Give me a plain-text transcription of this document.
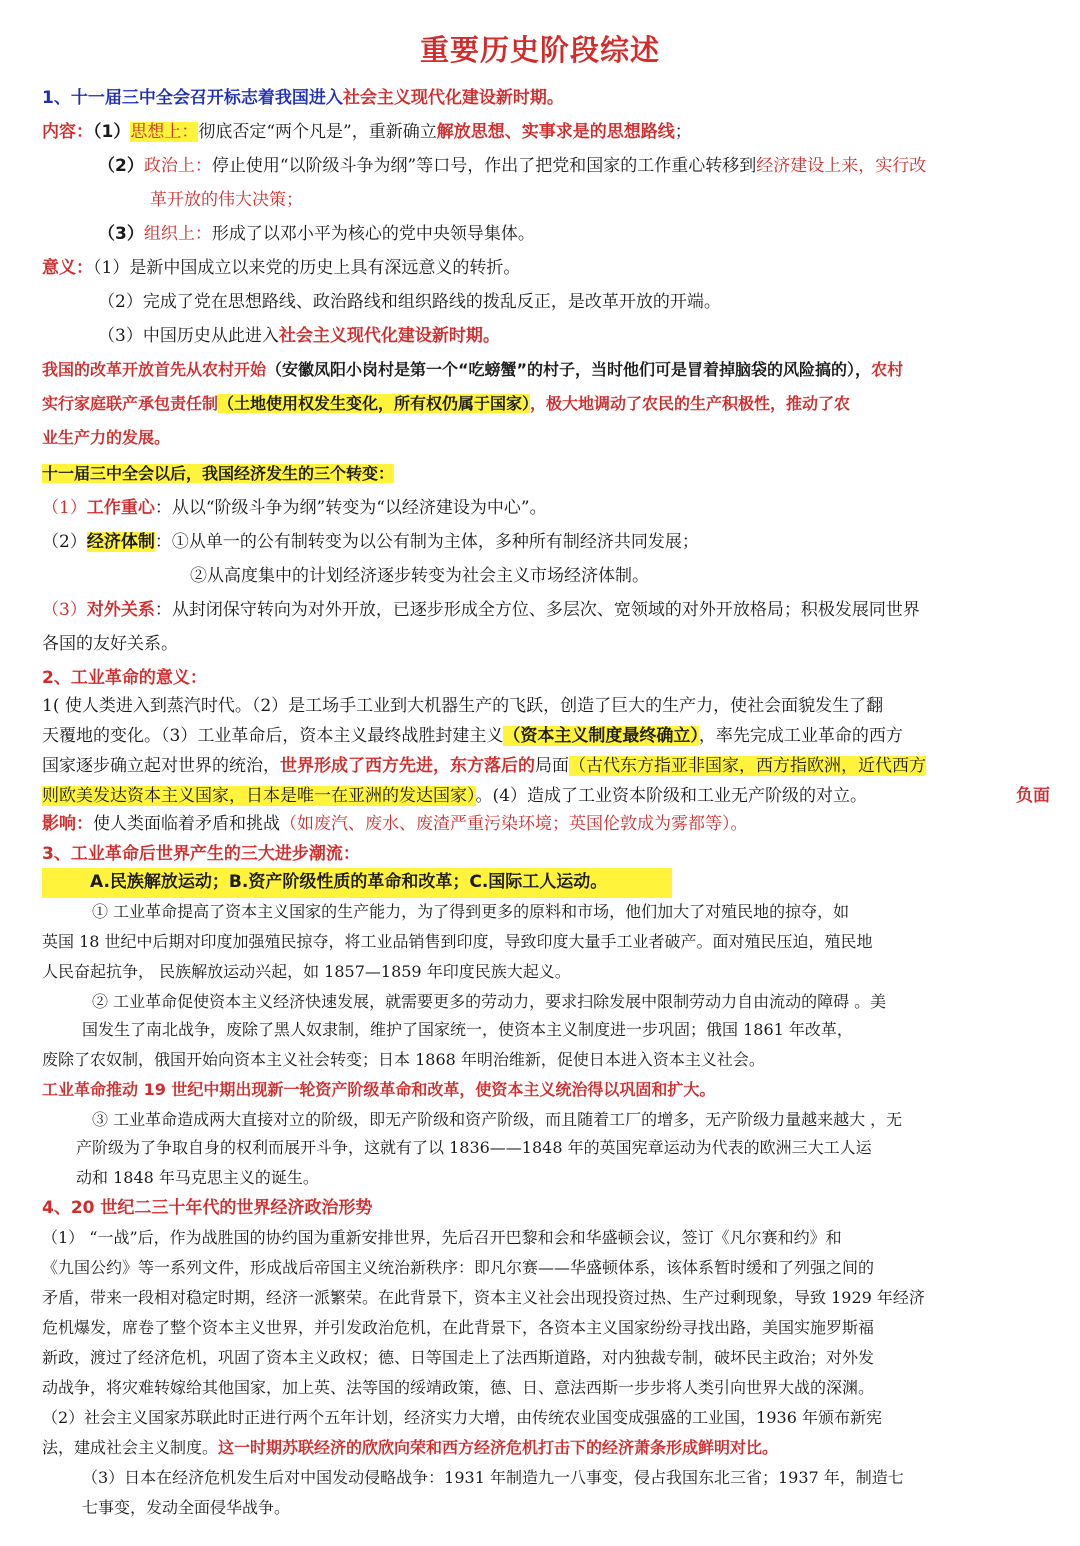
重要历史阶段综述
1、十一届三中全会召开标志着我国进入社会主义现代化建设新时期。
内容：（1）思想上：彻底否定“两个凡是”，重新确立解放思想、实事求是的思想路线；
（2）政治上：停止使用“以阶级斗争为纲”等口号，作出了把党和国家的工作重心转移到经济建设上来，实行改
革开放的伟大决策；
（3）组织上：形成了以邓小平为核心的党中央领导集体。
意义：（1）是新中国成立以来党的历史上具有深远意义的转折。
（2）完成了党在思想路线、政治路线和组织路线的拨乱反正，是改革开放的开端。
（3）中国历史从此进入社会主义现代化建设新时期。
我国的改革开放首先从农村开始（安徽凤阳小岗村是第一个“吃螃蟹”的村子，当时他们可是冒着掉脑袋的风险搞的），农村
实行家庭联产承包责任制（土地使用权发生变化，所有权仍属于国家），极大地调动了农民的生产积极性，推动了农
业生产力的发展。
十一届三中全会以后，我国经济发生的三个转变：
（1）工作重心：从以“阶级斗争为纲”转变为“以经济建设为中心”。
（2）经济体制：①从单一的公有制转变为以公有制为主体，多种所有制经济共同发展；
②从高度集中的计划经济逐步转变为社会主义市场经济体制。
（3）对外关系：从封闭保守转向为对外开放，已逐步形成全方位、多层次、宽领域的对外开放格局；积极发展同世界
各国的友好关系。
2、工业革命的意义：
1( 使人类进入到蒸汽时代。（2）是工场手工业到大机器生产的飞跃，创造了巨大的生产力，使社会面貌发生了翻
天覆地的变化。（3）工业革命后，资本主义最终战胜封建主义（资本主义制度最终确立），率先完成工业革命的西方
国家逐步确立起对世界的统治，世界形成了西方先进，东方落后的局面（古代东方指亚非国家，西方指欧洲，近代西方
则欧美发达资本主义国家，日本是唯一在亚洲的发达国家）。(4）造成了工业资本阶级和工业无产阶级的对立。	负面
影响：使人类面临着矛盾和挑战（如废汽、废水、废渣严重污染环境；英国伦敦成为雾都等）。
3、工业革命后世界产生的三大进步潮流：
A.民族解放运动；B.资产阶级性质的革命和改革；C.国际工人运动。
① 工业革命提高了资本主义国家的生产能力，为了得到更多的原料和市场，他们加大了对殖民地的掠夺，如
英国 18 世纪中后期对印度加强殖民掠夺，将工业品销售到印度，导致印度大量手工业者破产。面对殖民压迫，殖民地
人民奋起抗争， 民族解放运动兴起，如 1857—1859 年印度民族大起义。
② 工业革命促使资本主义经济快速发展，就需要更多的劳动力，要求扫除发展中限制劳动力自由流动的障碍 。美
国发生了南北战争，废除了黑人奴隶制，维护了国家统一，使资本主义制度进一步巩固；俄国 1861 年改革，
废除了农奴制，俄国开始向资本主义社会转变；日本 1868 年明治维新，促使日本进入资本主义社会。
工业革命推动 19 世纪中期出现新一轮资产阶级革命和改革，使资本主义统治得以巩固和扩大。
③ 工业革命造成两大直接对立的阶级，即无产阶级和资产阶级，而且随着工厂的增多，无产阶级力量越来越大 ，无
产阶级为了争取自身的权利而展开斗争，这就有了以 1836——1848 年的英国宪章运动为代表的欧洲三大工人运
动和 1848 年马克思主义的诞生。
4、20 世纪二三十年代的世界经济政治形势
（1） “一战”后，作为战胜国的协约国为重新安排世界，先后召开巴黎和会和华盛顿会议，签订《凡尔赛和约》和
《九国公约》等一系列文件，形成战后帝国主义统治新秩序：即凡尔赛——华盛顿体系，该体系暂时缓和了列强之间的
矛盾，带来一段相对稳定时期，经济一派繁荣。在此背景下，资本主义社会出现投资过热、生产过剩现象，导致 1929 年经济
危机爆发，席卷了整个资本主义世界，并引发政治危机，在此背景下，各资本主义国家纷纷寻找出路，美国实施罗斯福
新政，渡过了经济危机，巩固了资本主义政权；德、日等国走上了法西斯道路，对内独裁专制，破坏民主政治；对外发
动战争，将灾难转嫁给其他国家，加上英、法等国的绥靖政策，德、日、意法西斯一步步将人类引向世界大战的深渊。
（2）社会主义国家苏联此时正进行两个五年计划，经济实力大增，由传统农业国变成强盛的工业国，1936 年颁布新宪
法，建成社会主义制度。这一时期苏联经济的欣欣向荣和西方经济危机打击下的经济萧条形成鲜明对比。
（3）日本在经济危机发生后对中国发动侵略战争：1931 年制造九一八事变，侵占我国东北三省；1937 年，制造七
七事变，发动全面侵华战争。
